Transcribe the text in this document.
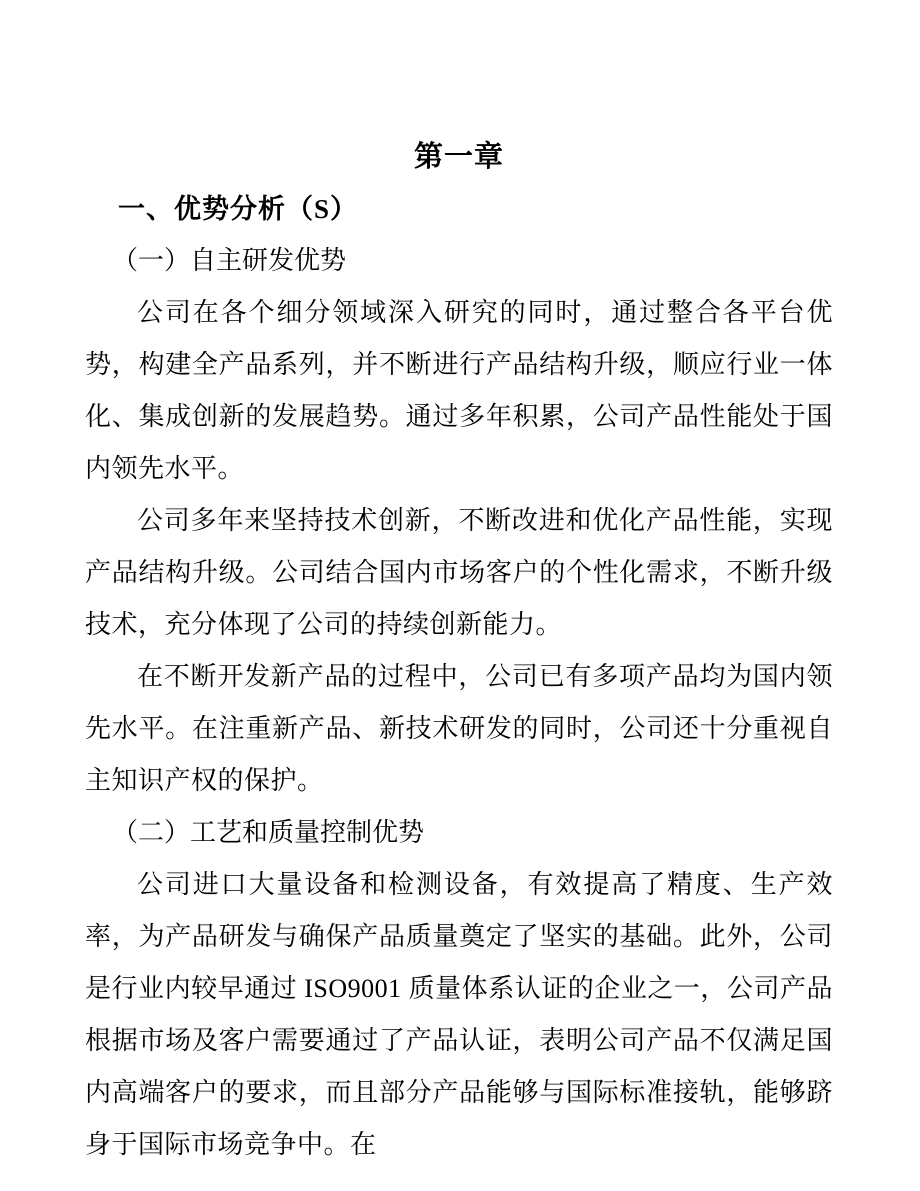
第一章
一、优势分析（S）
（一）自主研发优势

公司在各个细分领域深入研究的同时，通过整合各平台优势，构建全产品系列，并不断进行产品结构升级，顺应行业一体化、集成创新的发展趋势。通过多年积累，公司产品性能处于国内领先水平。

公司多年来坚持技术创新，不断改进和优化产品性能，实现产品结构升级。公司结合国内市场客户的个性化需求，不断升级技术，充分体现了公司的持续创新能力。

在不断开发新产品的过程中，公司已有多项产品均为国内领先水平。在注重新产品、新技术研发的同时，公司还十分重视自主知识产权的保护。

（二）工艺和质量控制优势

公司进口大量设备和检测设备，有效提高了精度、生产效率，为产品研发与确保产品质量奠定了坚实的基础。此外，公司是行业内较早通过 ISO9001 质量体系认证的企业之一，公司产品根据市场及客户需要通过了产品认证，表明公司产品不仅满足国内高端客户的要求，而且部分产品能够与国际标准接轨，能够跻身于国际市场竞争中。在
